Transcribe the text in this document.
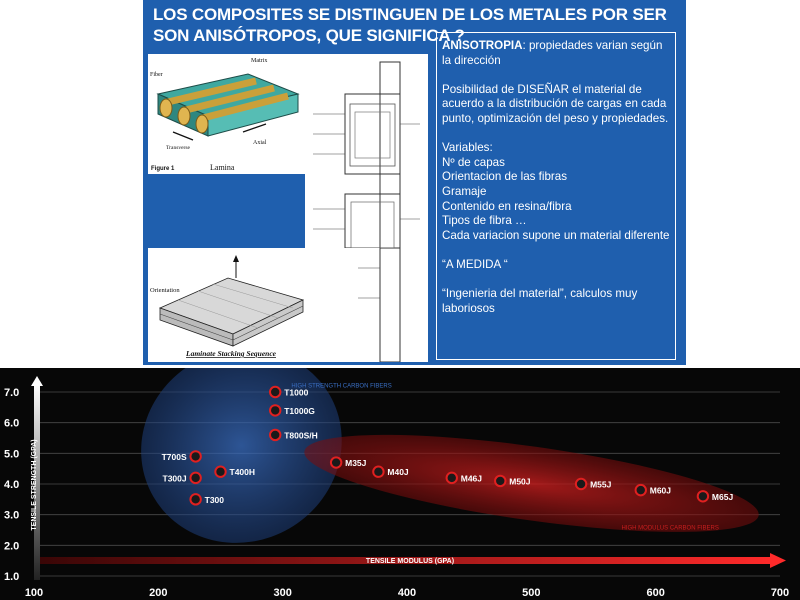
LOS COMPOSITES SE DISTINGUEN DE LOS METALES POR SER SON ANISÓTROPOS, QUE SIGNIFICA ?
Matrix
Fiber
Transverse
Axial
Figure 1	Lamina
Orientation
Laminate Stacking Sequence

ANISOTROPIA: propiedades varian según la dirección

Posibilidad de DISEÑAR el material de acuerdo a la distribución de cargas en cada punto, optimización del peso y propiedades.

Variables:

Nº de capas

Orientacion de las fibras

Gramaje

Contenido en resina/fibra

Tipos de fibra …

Cada variacion supone un material diferente

“A MEDIDA “

“Ingenieria del material”, calculos muy laboriosos

HIGH STRENGTH CARBON FIBERS
HIGH MODULUS CARBON FIBERS
TENSILE MODULUS (GPA)
TENSILE STRENGTH (GPA)
1.0
2.0
3.0
4.0
5.0
6.0
7.0
100	200	300	400	500	600	700
T1000
T1000G
T800S/H
T700S
T300J
T400H
T300
M35J
M40J
M46J	M50J	M55J
M60J
M65J
